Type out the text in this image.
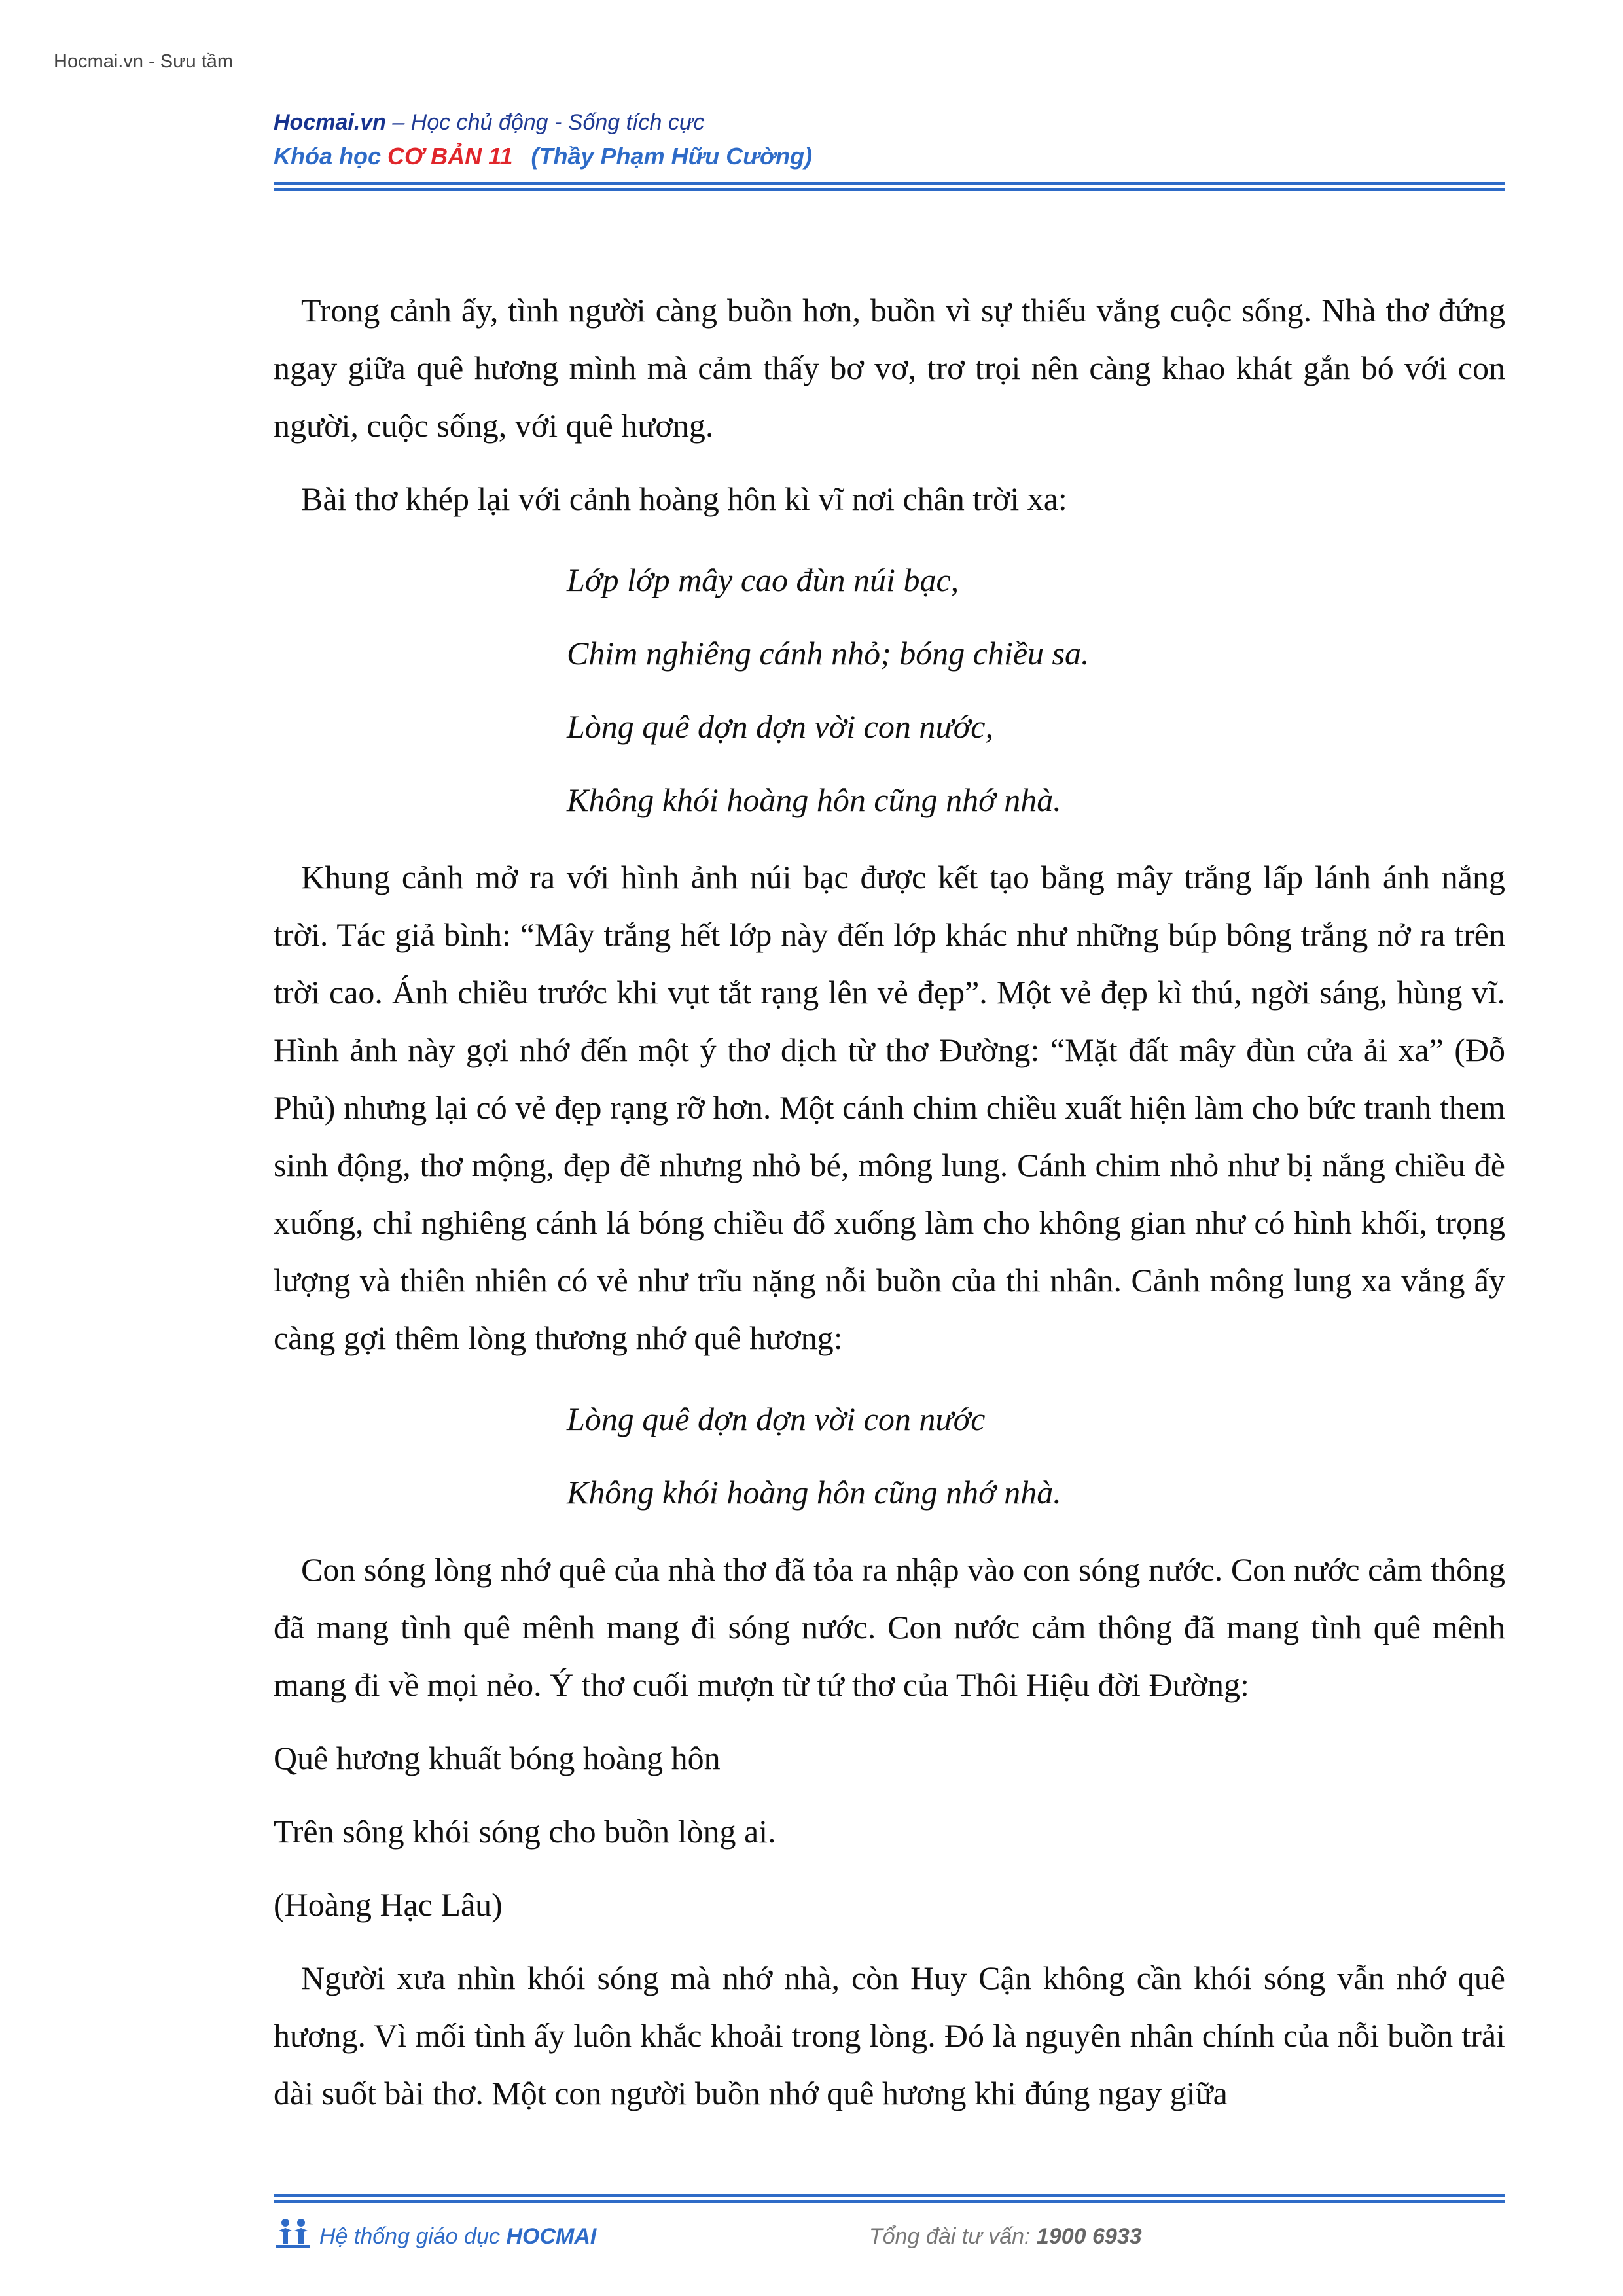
Hocmai.vn - Sưu tầm
Hocmai.vn – Học chủ động - Sống tích cực
Khóa học CƠ BẢN 11 (Thầy Phạm Hữu Cường)

Trong cảnh ấy, tình người càng buồn hơn, buồn vì sự thiếu vắng cuộc sống. Nhà thơ đứng ngay giữa quê hương mình mà cảm thấy bơ vơ, trơ trọi nên càng khao khát gắn bó với con người, cuộc sống, với quê hương.

Bài thơ khép lại với cảnh hoàng hôn kì vĩ nơi chân trời xa:

Lớp lớp mây cao đùn núi bạc,

Chim nghiêng cánh nhỏ; bóng chiều sa.

Lòng quê dợn dợn vời con nước,

Không khói hoàng hôn cũng nhớ nhà.

Khung cảnh mở ra với hình ảnh núi bạc được kết tạo bằng mây trắng lấp lánh ánh nắng trời. Tác giả bình: “Mây trắng hết lớp này đến lớp khác như những búp bông trắng nở ra trên trời cao. Ánh chiều trước khi vụt tắt rạng lên vẻ đẹp”. Một vẻ đẹp kì thú, ngời sáng, hùng vĩ. Hình ảnh này gợi nhớ đến một ý thơ dịch từ thơ Đường: “Mặt đất mây đùn cửa ải xa” (Đỗ Phủ) nhưng lại có vẻ đẹp rạng rỡ hơn. Một cánh chim chiều xuất hiện làm cho bức tranh them sinh động, thơ mộng, đẹp đẽ nhưng nhỏ bé, mông lung. Cánh chim nhỏ như bị nắng chiều đè xuống, chỉ nghiêng cánh lá bóng chiều đổ xuống làm cho không gian như có hình khối, trọng lượng và thiên nhiên có vẻ như trĩu nặng nỗi buồn của thi nhân. Cảnh mông lung xa vắng ấy càng gợi thêm lòng thương nhớ quê hương:

Lòng quê dợn dợn vời con nước

Không khói hoàng hôn cũng nhớ nhà.

Con sóng lòng nhớ quê của nhà thơ đã tỏa ra nhập vào con sóng nước. Con nước cảm thông đã mang tình quê mênh mang đi sóng nước. Con nước cảm thông đã mang tình quê mênh mang đi về mọi nẻo. Ý thơ cuối mượn từ tứ thơ của Thôi Hiệu đời Đường:

Quê hương khuất bóng hoàng hôn

Trên sông khói sóng cho buồn lòng ai.

(Hoàng Hạc Lâu)

Người xưa nhìn khói sóng mà nhớ nhà, còn Huy Cận không cần khói sóng vẫn nhớ quê hương. Vì mối tình ấy luôn khắc khoải trong lòng. Đó là nguyên nhân chính của nỗi buồn trải dài suốt bài thơ. Một con người buồn nhớ quê hương khi đúng ngay giữa

Hệ thống giáo dục HOCMAI	Tổng đài tư vấn: 1900 6933
